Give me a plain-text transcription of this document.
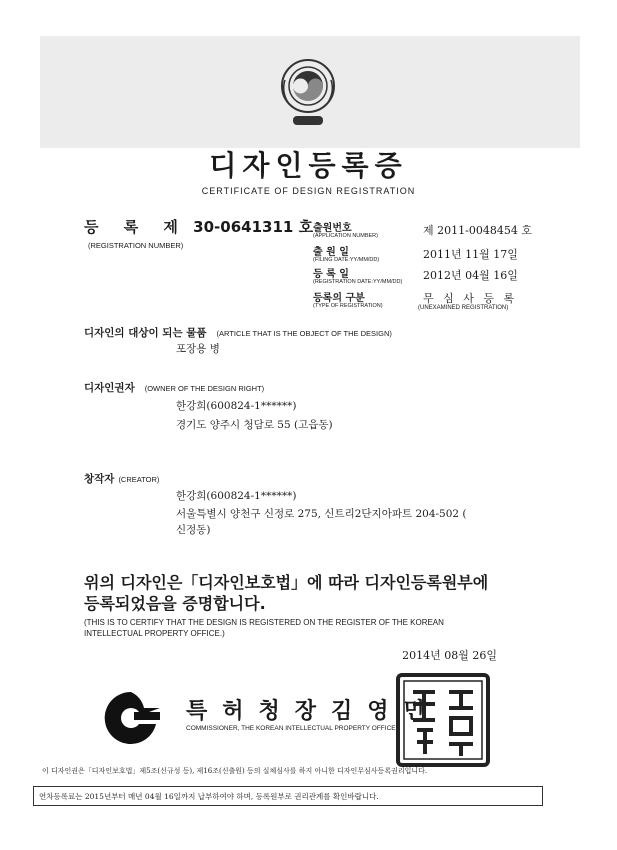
디자인등록증
CERTIFICATE OF DESIGN REGISTRATION
등 록 제 30-0641311 호
(REGISTRATION NUMBER)
출원번호
(APPLICATION NUMBER)	제 2011-0048454 호
출 원 일
(FILING DATE:YY/MM/DD)	2011년 11월 17일
등 록 일
(REGISTRATION DATE:YY/MM/DD) 2012년 04월 16일
등록의 구분
(TYPE OF REGISTRATION)
무 심 사 등 록
(UNEXAMINED REGISTRATION)
디자인의 대상이 되는 물품 (ARTICLE THAT IS THE OBJECT OF THE DESIGN)
포장용 병
디자인권자 (OWNER OF THE DESIGN RIGHT)
한강희(600824-1******)
경기도 양주시 청담로 55 (고읍동)
창작자 (CREATOR)
한강희(600824-1******)
서울특별시 양천구 신정로 275, 신트리2단지아파트 204-502 (
신정동)
위의 디자인은「디자인보호법」에 따라 디자인등록원부에
등록되었음을 증명합니다.
(THIS IS TO CERTIFY THAT THE DESIGN IS REGISTERED ON THE REGISTER OF THE KOREAN
INTELLECTUAL PROPERTY OFFICE.)
2014년 08월 26일
특허청장김영민
COMMISSIONER, THE KOREAN INTELLECTUAL PROPERTY OFFICE
이 디자인권은「디자인보호법」제5조(신규성 등), 제16조(신출원) 등의 실체심사를 하지 아니한 디자인무심사등록권리입니다.
연차등록료는 2015년부터 매년 04월 16일까지 납부하여야 하며, 등록원부로 권리관계를 확인바랍니다.
